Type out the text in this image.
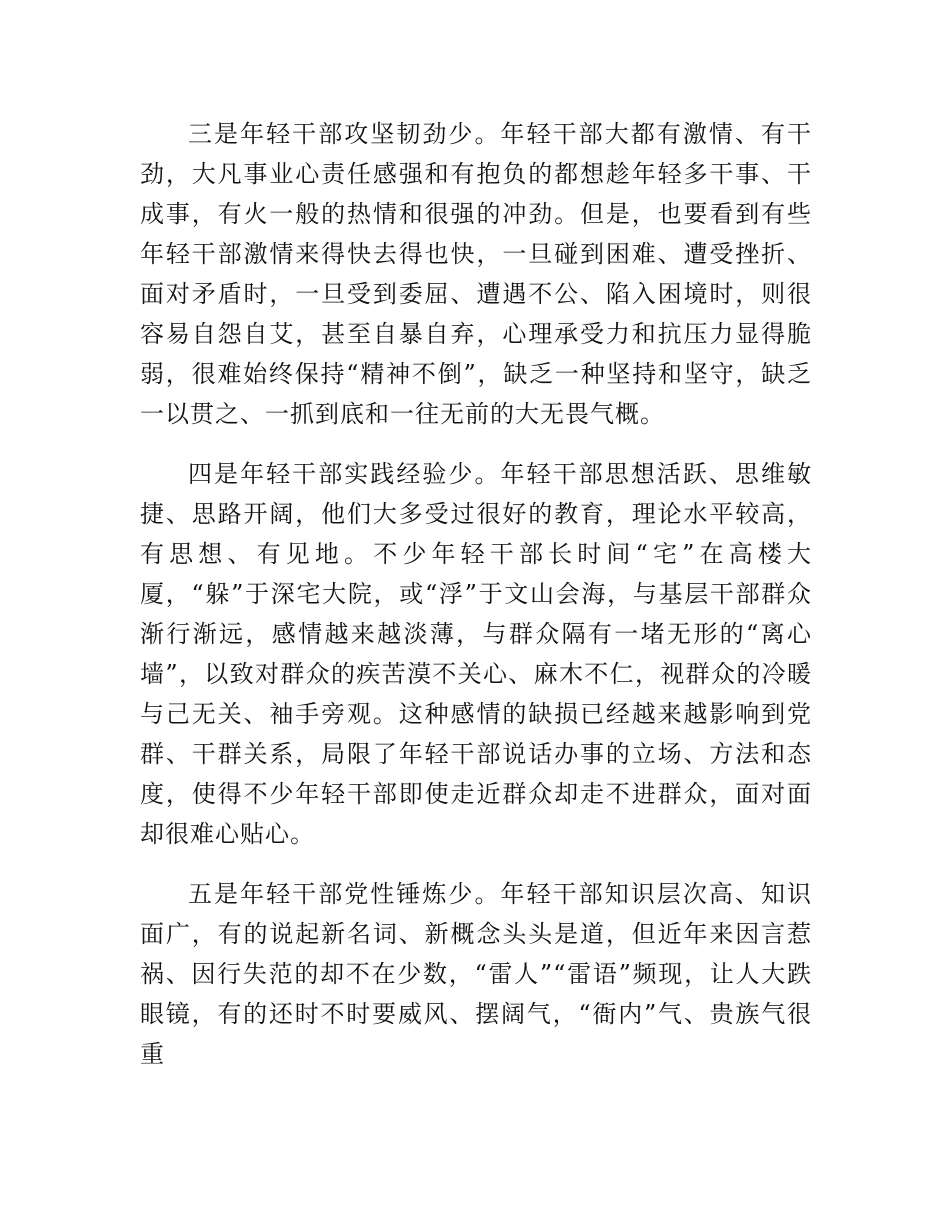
三是年轻干部攻坚韧劲少。年轻干部大都有激情、有干劲，大凡事业心责任感强和有抱负的都想趁年轻多干事、干成事，有火一般的热情和很强的冲劲。但是，也要看到有些年轻干部激情来得快去得也快，一旦碰到困难、遭受挫折、面对矛盾时，一旦受到委屈、遭遇不公、陷入困境时，则很容易自怨自艾，甚至自暴自弃，心理承受力和抗压力显得脆弱，很难始终保持“精神不倒”，缺乏一种坚持和坚守，缺乏一以贯之、一抓到底和一往无前的大无畏气概。

四是年轻干部实践经验少。年轻干部思想活跃、思维敏捷、思路开阔，他们大多受过很好的教育，理论水平较高，有思想、有见地。不少年轻干部长时间“宅”在高楼大厦，“躲”于深宅大院，或“浮”于文山会海，与基层干部群众渐行渐远，感情越来越淡薄，与群众隔有一堵无形的“离心墙”，以致对群众的疾苦漠不关心、麻木不仁，视群众的冷暖与己无关、袖手旁观。这种感情的缺损已经越来越影响到党群、干群关系，局限了年轻干部说话办事的立场、方法和态度，使得不少年轻干部即使走近群众却走不进群众，面对面却很难心贴心。

五是年轻干部党性锤炼少。年轻干部知识层次高、知识面广，有的说起新名词、新概念头头是道，但近年来因言惹祸、因行失范的却不在少数，“雷人”“雷语”频现，让人大跌眼镜，有的还时不时要威风、摆阔气，“衙内”气、贵族气很重
